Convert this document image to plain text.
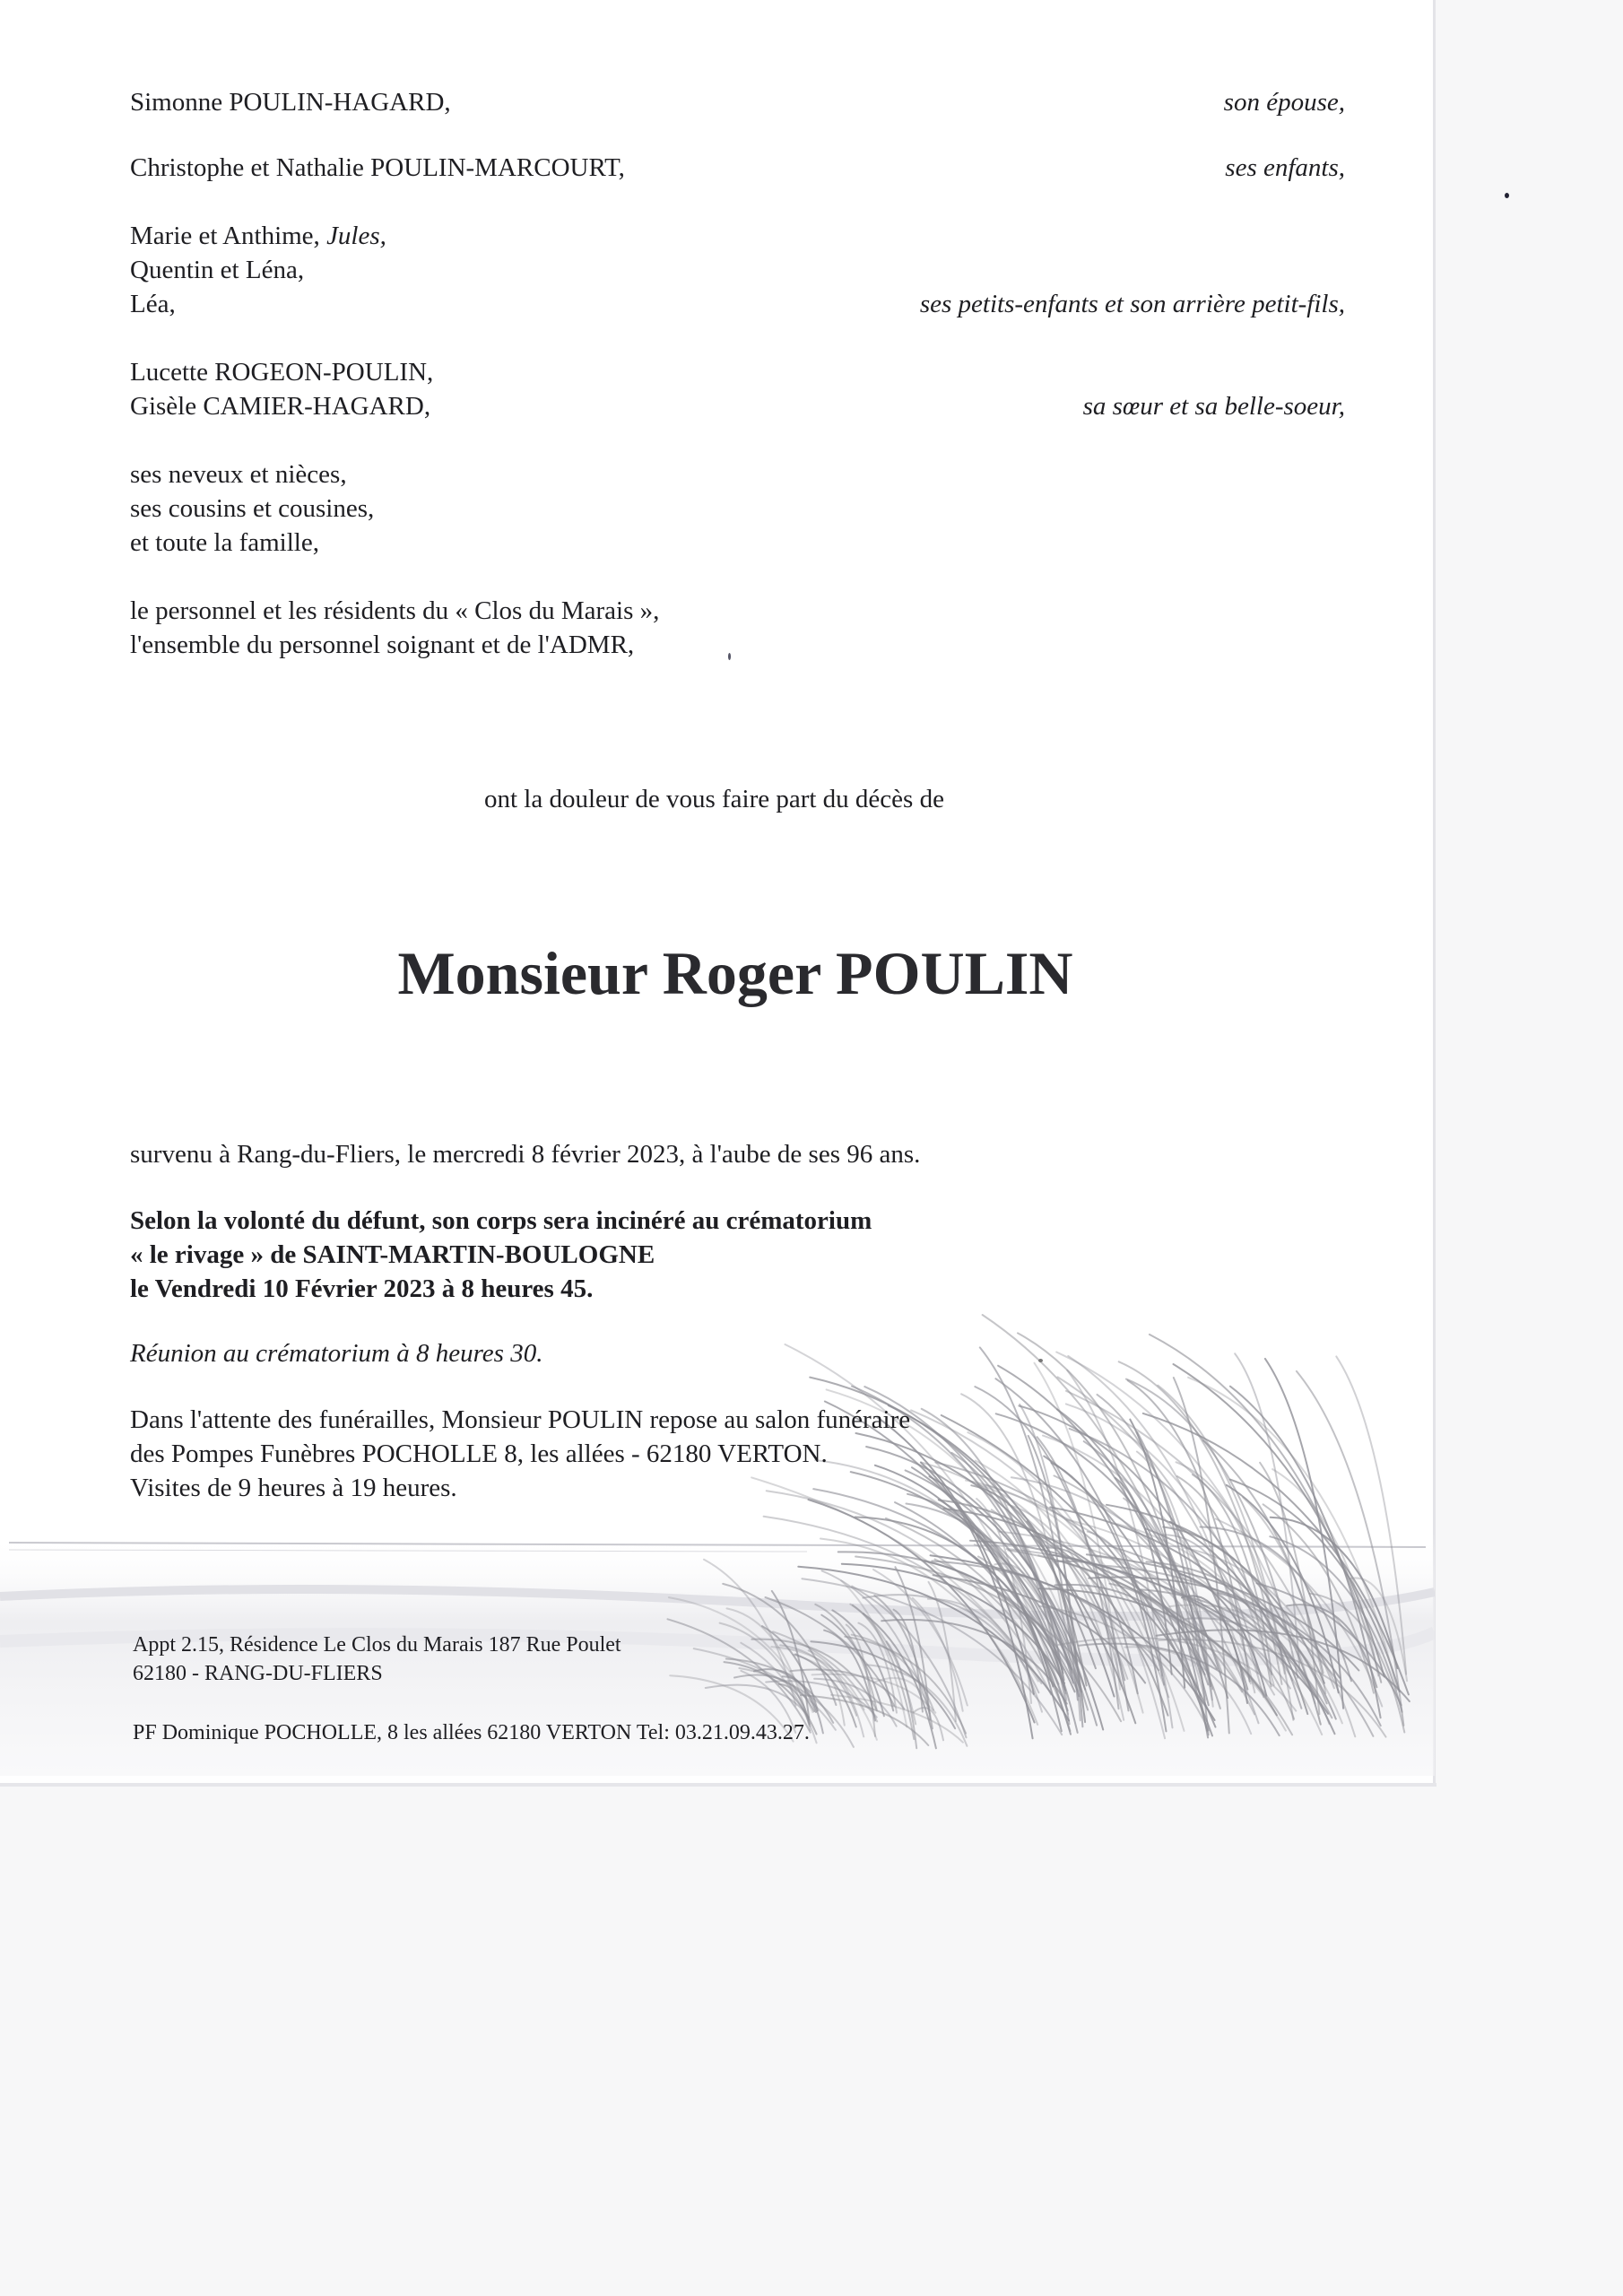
Simonne POULIN-HAGARD,	son épouse,
Christophe et Nathalie POULIN-MARCOURT,	ses enfants,
Marie et Anthime, Jules,
Quentin et Léna,
Léa,	ses petits-enfants et son arrière petit-fils,
Lucette ROGEON-POULIN,
Gisèle CAMIER-HAGARD,	sa sœur et sa belle-soeur,
ses neveux et nièces,
ses cousins et cousines,
et toute la famille,
le personnel et les résidents du « Clos du Marais »,
l'ensemble du personnel soignant et de l'ADMR,
ont la douleur de vous faire part du décès de
Monsieur Roger POULIN
survenu à Rang-du-Fliers, le mercredi 8 février 2023, à l'aube de ses 96 ans.
Selon la volonté du défunt, son corps sera incinéré au crématorium
« le rivage » de SAINT-MARTIN-BOULOGNE
le Vendredi 10 Février 2023 à 8 heures 45.
Réunion au crématorium à 8 heures 30.
Dans l'attente des funérailles, Monsieur POULIN repose au salon funéraire
des Pompes Funèbres POCHOLLE 8, les allées - 62180 VERTON.
Visites de 9 heures à 19 heures.
Appt 2.15, Résidence Le Clos du Marais 187 Rue Poulet
62180 - RANG-DU-FLIERS
PF Dominique POCHOLLE, 8 les allées 62180 VERTON Tel: 03.21.09.43.27.
